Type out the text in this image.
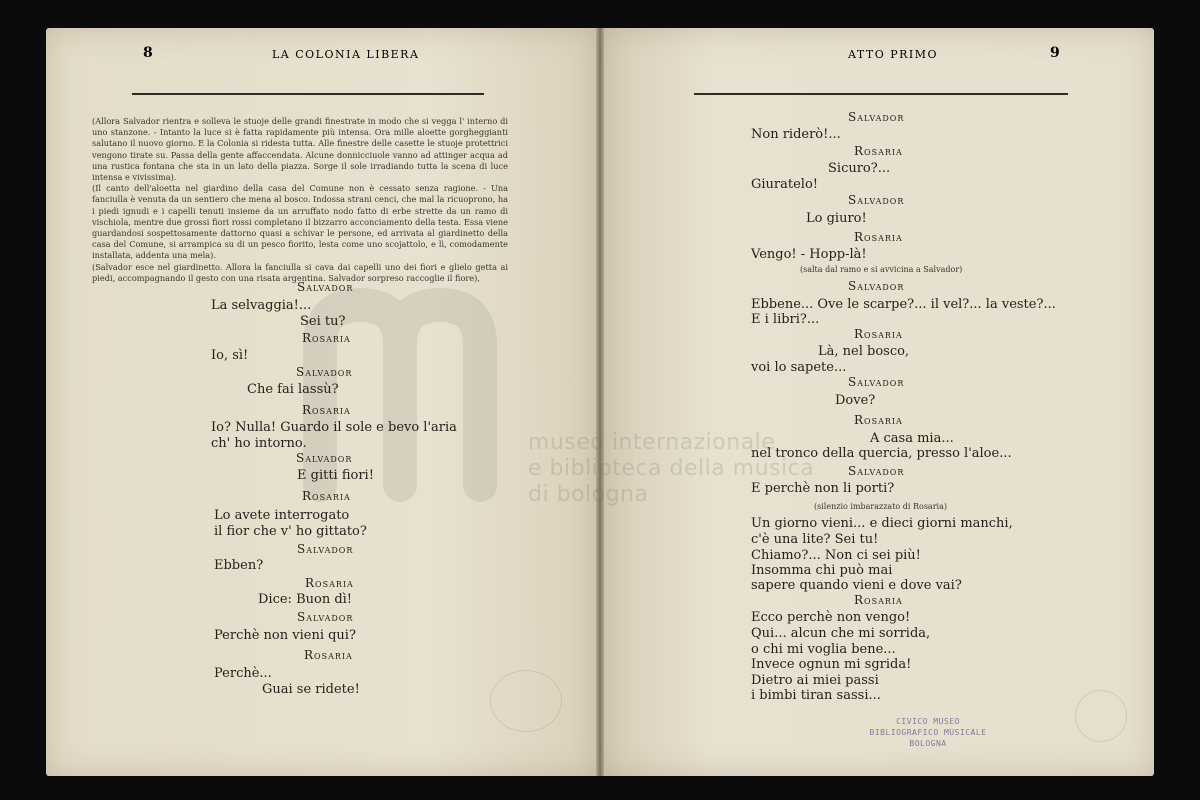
museo internazionale
e biblioteca della musica
di bologna
8	LA COLONIA LIBERA	ATTO PRIMO	9

(Allora Salvador rientra e solleva le stuoje delle grandi finestrate in modo che si vegga l' interno di uno stanzone. - Intanto la luce si è fatta rapidamente più intensa. Ora mille aloette gorgheggianti salutano il nuovo giorno. E la Colonia si ridesta tutta. Alle finestre delle casette le stuoje protettrici vengono tirate su. Passa della gente affaccendata. Alcune donnicciuole vanno ad attinger acqua ad una rustica fontana che sta in un lato della piazza. Sorge il sole irradiando tutta la scena di luce intensa e vivissima).

(Il canto dell'aloetta nel giardino della casa del Comune non è cessato senza ragione. - Una fanciulla è venuta da un sentiero che mena al bosco. Indossa strani cenci, che mal la ricuoprono, ha i piedi ignudi e i capelli tenuti insieme da un arruffato nodo fatto di erbe strette da un ramo di vischiola, mentre due grossi fiori rossi completano il bizzarro acconciamento della testa. Essa viene guardandosi sospettosamente dattorno quasi a schivar le persone, ed arrivata al giardinetto della casa del Comune, si arrampica su di un pesco fiorito, lesta come uno scojattolo, e lì, comodamente installata, addenta una mela).

(Salvador esce nel giardinetto. Allora la fanciulla si cava dai capelli uno dei fiori e glielo getta ai piedi, accompagnando il gesto con una risata argentina. Salvador sorpreso raccoglie il fiore),

Salvador
La selvaggia!...
Sei tu?
Rosaria
Io, sì!
Salvador
Che fai lassù?
Rosaria
Io? Nulla! Guardo il sole e bevo l'aria
ch' ho intorno.
Salvador
E gitti fiori!
Rosaria
Lo avete interrogato
il fior che v' ho gittato?
Salvador
Ebben?
Rosaria
Dice: Buon dì!
Salvador
Perchè non vieni qui?
Rosaria
Perchè...
Guai se ridete!
Salvador
Non riderò!...
Rosaria
Sicuro?...
Giuratelo!
Salvador
Lo giuro!
Rosaria
Vengo! - Hopp-là!
(salta dal ramo e si avvicina a Salvador)
Salvador
Ebbene... Ove le scarpe?... il vel?... la veste?...
E i libri?...
Rosaria
Là, nel bosco,
voi lo sapete...
Salvador
Dove?
Rosaria
A casa mia...
nel tronco della quercia, presso l'aloe...
Salvador
E perchè non li porti?
(silenzio imbarazzato di Rosaria)
Un giorno vieni... e dieci giorni manchi,
c'è una lite? Sei tu!
Chiamo?... Non ci sei più!
Insomma chi può mai
sapere quando vieni e dove vai?
Rosaria
Ecco perchè non vengo!
Qui... alcun che mi sorrida,
o chi mi voglia bene...
Invece ognun mi sgrida!
Dietro ai miei passi
i bimbi tiran sassi...
CIVICO MUSEO
BIBLIOGRAFICO MUSICALE
BOLOGNA
